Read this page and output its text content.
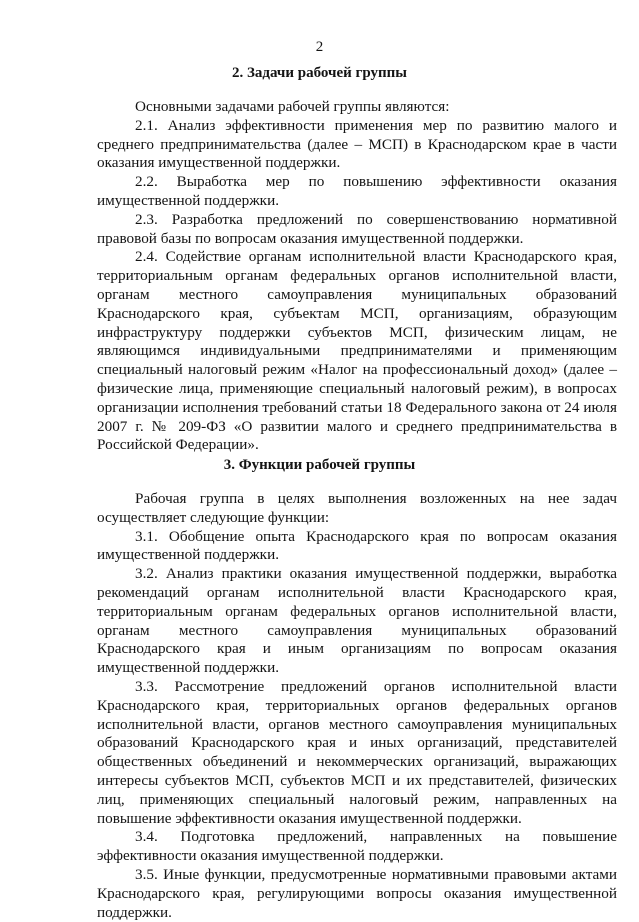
2
2. Задачи рабочей группы

Основными задачами рабочей группы являются:

2.1. Анализ эффективности применения мер по развитию малого и среднего предпринимательства (далее – МСП) в Краснодарском крае в части оказания имущественной поддержки.

2.2. Выработка мер по повышению эффективности оказания имущественной поддержки.

2.3. Разработка предложений по совершенствованию нормативной правовой базы по вопросам оказания имущественной поддержки.

2.4. Содействие органам исполнительной власти Краснодарского края, территориальным органам федеральных органов исполнительной власти, органам местного самоуправления муниципальных образований Краснодарского края, субъектам МСП, организациям, образующим инфраструктуру поддержки субъектов МСП, физическим лицам, не являющимся индивидуальными предпринимателями и применяющим специальный налоговый режим «Налог на профессиональный доход» (далее – физические лица, применяющие специальный налоговый режим), в вопросах организации исполнения требований статьи 18 Федерального закона от 24 июля 2007 г. № 209-ФЗ «О развитии малого и среднего предпринимательства в Российской Федерации».

3. Функции рабочей группы

Рабочая группа в целях выполнения возложенных на нее задач осуществляет следующие функции:

3.1. Обобщение опыта Краснодарского края по вопросам оказания имущественной поддержки.

3.2. Анализ практики оказания имущественной поддержки, выработка рекомендаций органам исполнительной власти Краснодарского края, территориальным органам федеральных органов исполнительной власти, органам местного самоуправления муниципальных образований Краснодарского края и иным организациям по вопросам оказания имущественной поддержки.

3.3. Рассмотрение предложений органов исполнительной власти Краснодарского края, территориальных органов федеральных органов исполнительной власти, органов местного самоуправления муниципальных образований Краснодарского края и иных организаций, представителей общественных объединений и некоммерческих организаций, выражающих интересы субъектов МСП, субъектов МСП и их представителей, физических лиц, применяющих специальный налоговый режим, направленных на повышение эффективности оказания имущественной поддержки.

3.4. Подготовка предложений, направленных на повышение эффективности оказания имущественной поддержки.

3.5. Иные функции, предусмотренные нормативными правовыми актами Краснодарского края, регулирующими вопросы оказания имущественной поддержки.
